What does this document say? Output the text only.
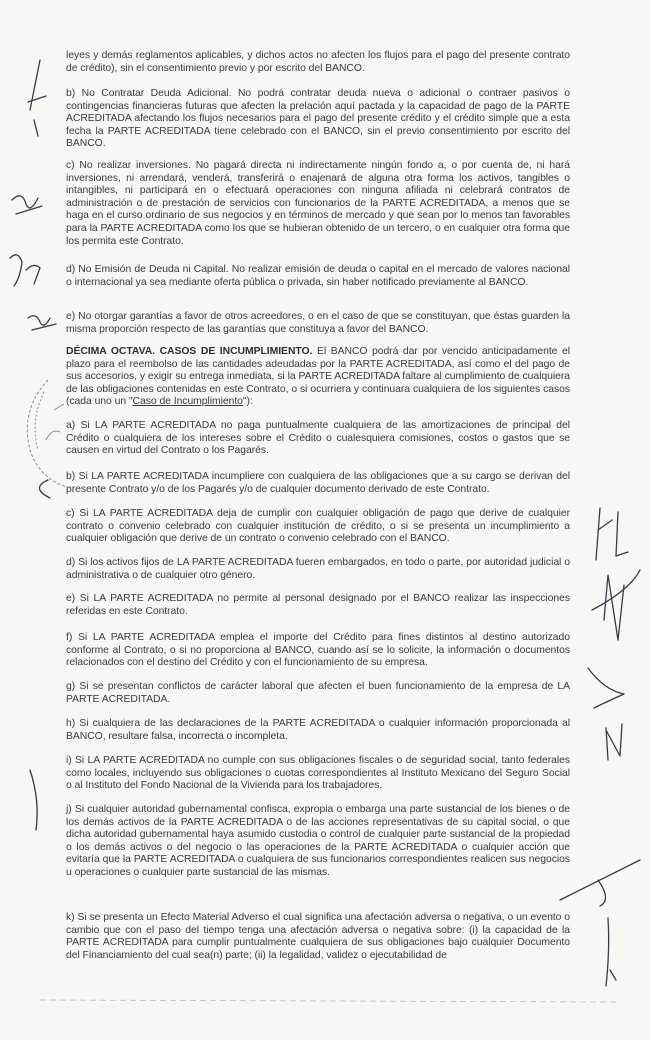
leyes y demás reglamentos aplicables, y dichos actos no afecten los flujos para el pago del presente contrato de crédito), sin el consentimiento previo y por escrito del BANCO.

b) No Contratar Deuda Adicional. No podrá contratar deuda nueva o adicional o contraer pasivos o contingencias financieras futuras que afecten la prelación aquí pactada y la capacidad de pago de la PARTE ACREDITADA afectando los flujos necesarios para el pago del presente crédito y el crédito simple que a esta fecha la PARTE ACREDITADA tiene celebrado con el BANCO, sin el previo consentimiento por escrito del BANCO.

c) No realizar inversiones. No pagará directa ni indirectamente ningún fondo a, o por cuenta de, ni hará inversiones, ni arrendará, venderá, transferirá o enajenará de alguna otra forma los activos, tangibles o intangibles, ni participará en o efectuará operaciones con ninguna afiliada ni celebrará contratos de administración o de prestación de servicios con funcionarios de la PARTE ACREDITADA, a menos que se haga en el curso ordinario de sus negocios y en términos de mercado y que sean por lo menos tan favorables para la PARTE ACREDITADA como los que se hubieran obtenido de un tercero, o en cualquier otra forma que los permita este Contrato.

d) No Emisión de Deuda ni Capital. No realizar emisión de deuda o capital en el mercado de valores nacional o internacional ya sea mediante oferta pública o privada, sin haber notificado previamente al BANCO.

e) No otorgar garantías a favor de otros acreedores, o en el caso de que se constituyan, que éstas guarden la misma proporción respecto de las garantías que constituya a favor del BANCO.

DÉCIMA OCTAVA. CASOS DE INCUMPLIMIENTO. El BANCO podrá dar por vencido anticipadamente el plazo para el reembolso de las cantidades adeudadas por la PARTE ACREDITADA, así como el del pago de sus accesorios, y exigir su entrega inmediata, si la PARTE ACREDITADA faltare al cumplimiento de cualquiera de las obligaciones contenidas en este Contrato, o si ocurriera y continuara cualquiera de los siguientes casos (cada uno un "Caso de Incumplimiento"):

a) Si LA PARTE ACREDITADA no paga puntualmente cualquiera de las amortizaciones de principal del Crédito o cualquiera de los intereses sobre el Crédito o cualesquiera comisiones, costos o gastos que se causen en virtud del Contrato o los Pagarés.

b) Si LA PARTE ACREDITADA incumpliere con cualquiera de las obligaciones que a su cargo se derivan del presente Contrato y/o de los Pagarés y/o de cualquier documento derivado de este Contrato.

c) Si LA PARTE ACREDITADA deja de cumplir con cualquier obligación de pago que derive de cualquier contrato o convenio celebrado con cualquier institución de crédito, o si se presenta un incumplimiento a cualquier obligación que derive de un contrato o convenio celebrado con el BANCO.

d) Si los activos fijos de LA PARTE ACREDITADA fueren embargados, en todo o parte, por autoridad judicial o administrativa o de cualquier otro género.

e) Si LA PARTE ACREDITADA no permite al personal designado por el BANCO realizar las inspecciones referidas en este Contrato.

f) Si LA PARTE ACREDITADA emplea el importe del Crédito para fines distintos al destino autorizado conforme al Contrato, o si no proporciona al BANCO, cuando así se lo solicite, la información o documentos relacionados con el destino del Crédito y con el funcionamiento de su empresa.

g) Si se presentan conflictos de carácter laboral que afecten el buen funcionamiento de la empresa de LA PARTE ACREDITADA.

h) Si cualquiera de las declaraciones de la PARTE ACREDITADA o cualquier información proporcionada al BANCO, resultare falsa, incorrecta o incompleta.

i) Si LA PARTE ACREDITADA no cumple con sus obligaciones fiscales o de seguridad social, tanto federales como locales, incluyendo sus obligaciones o cuotas correspondientes al Instituto Mexicano del Seguro Social o al Instituto del Fondo Nacional de la Vivienda para los trabajadores.

j) Si cualquier autoridad gubernamental confisca, expropia o embarga una parte sustancial de los bienes o de los demás activos de la PARTE ACREDITADA o de las acciones representativas de su capital social, o que dicha autoridad gubernamental haya asumido custodia o control de cualquier parte sustancial de la propiedad o los demás activos o del negocio o las operaciones de la PARTE ACREDITADA o cualquier acción que evitaría que la PARTE ACREDITADA o cualquiera de sus funcionarios correspondientes realicen sus negocios u operaciones o cualquier parte sustancial de las mismas.

k) Si se presenta un Efecto Material Adverso el cual significa una afectación adversa o negativa, o un evento o cambio que con el paso del tiempo tenga una afectación adversa o negativa sobre: (i) la capacidad de la PARTE ACREDITADA para cumplir puntualmente cualquiera de sus obligaciones bajo cualquier Documento del Financiamiento del cual sea(n) parte; (ii) la legalidad, validez o ejecutabilidad de
